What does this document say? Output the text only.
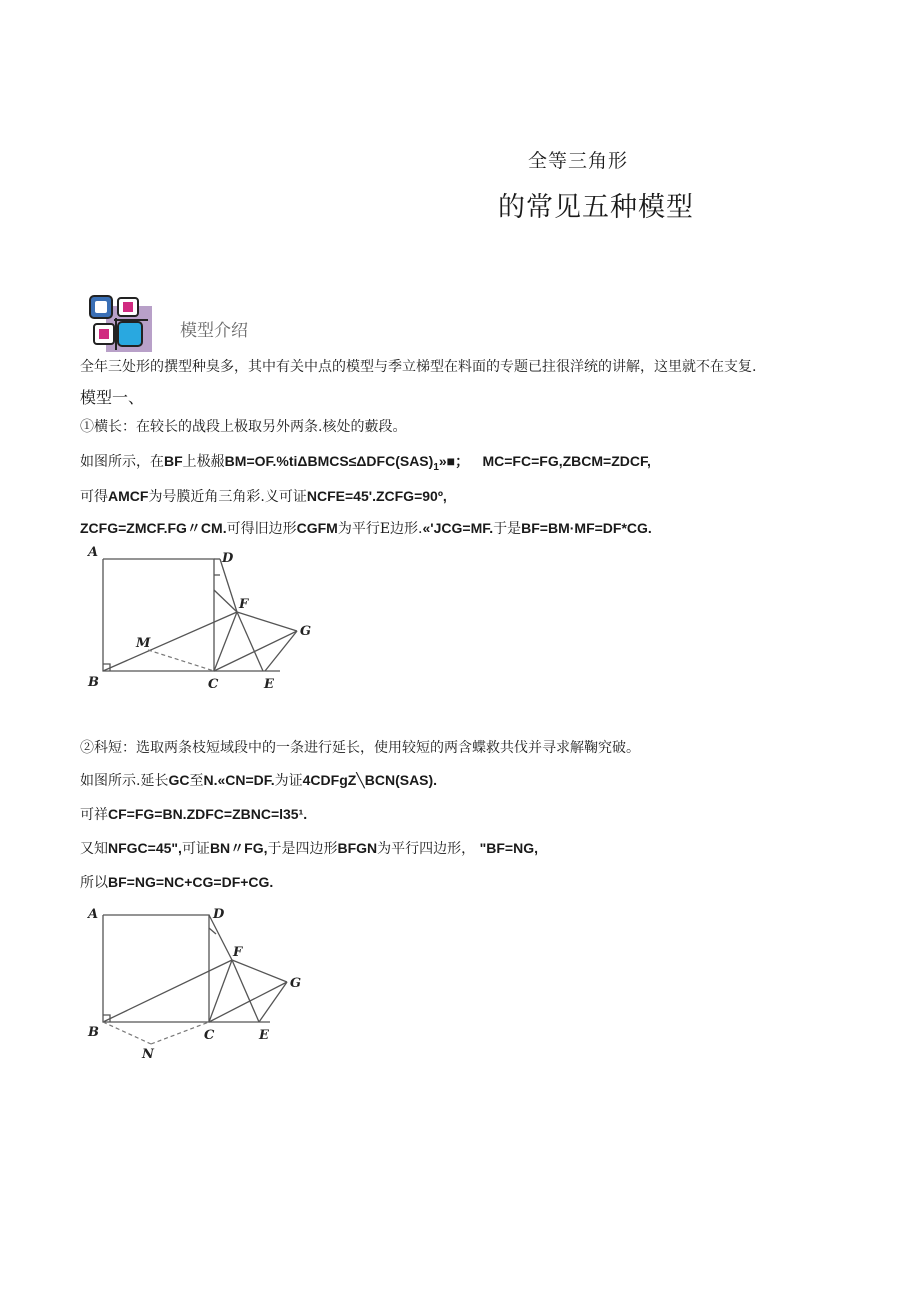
全等三角形
的常见五种模型
模型介绍
全年三处形的撰型种臭多，其中有关中点的模型与季立梯型在料面的专题已拄很洋统的讲解，这里就不在支复.
模型一、
①横长：在较长的战段上极取另外两条.核处的藪段。
如图所示，在BF上极赧$BM=OF.\%ti\Delta BMCS\le\Delta DFC(SAS)_1»■$； MC=FC=FG,ZBCM=ZDCF,
可得AMCF为号膜近角三角彩.义可证NCFE=45'.ZCFG=90º,
ZCFG=ZMCF.FG〃CM.可得旧边形CGFM为平行E边形.«'JCG=MF.于是BF=BM·MF=DF*CG.
A
B	C
D
E
F
G
M
②科短：选取两条枝短域段中的一条进行延长，使用较短的两含蝶救共伐并寻求解鞠究破。
如图所示.延长GC至N.«CN=DF.为证4CDFgZ╲BCN(SAS).
可祥CF=FG=BN.ZDFC=ZBNC=l35¹.
又知NFGC=45",可证BN〃FG,于是四边形BFGN为平行四边形， "BF=NG,
所以BF=NG=NC+CG=DF+CG.
A
B	C
D
E
F
G
N
